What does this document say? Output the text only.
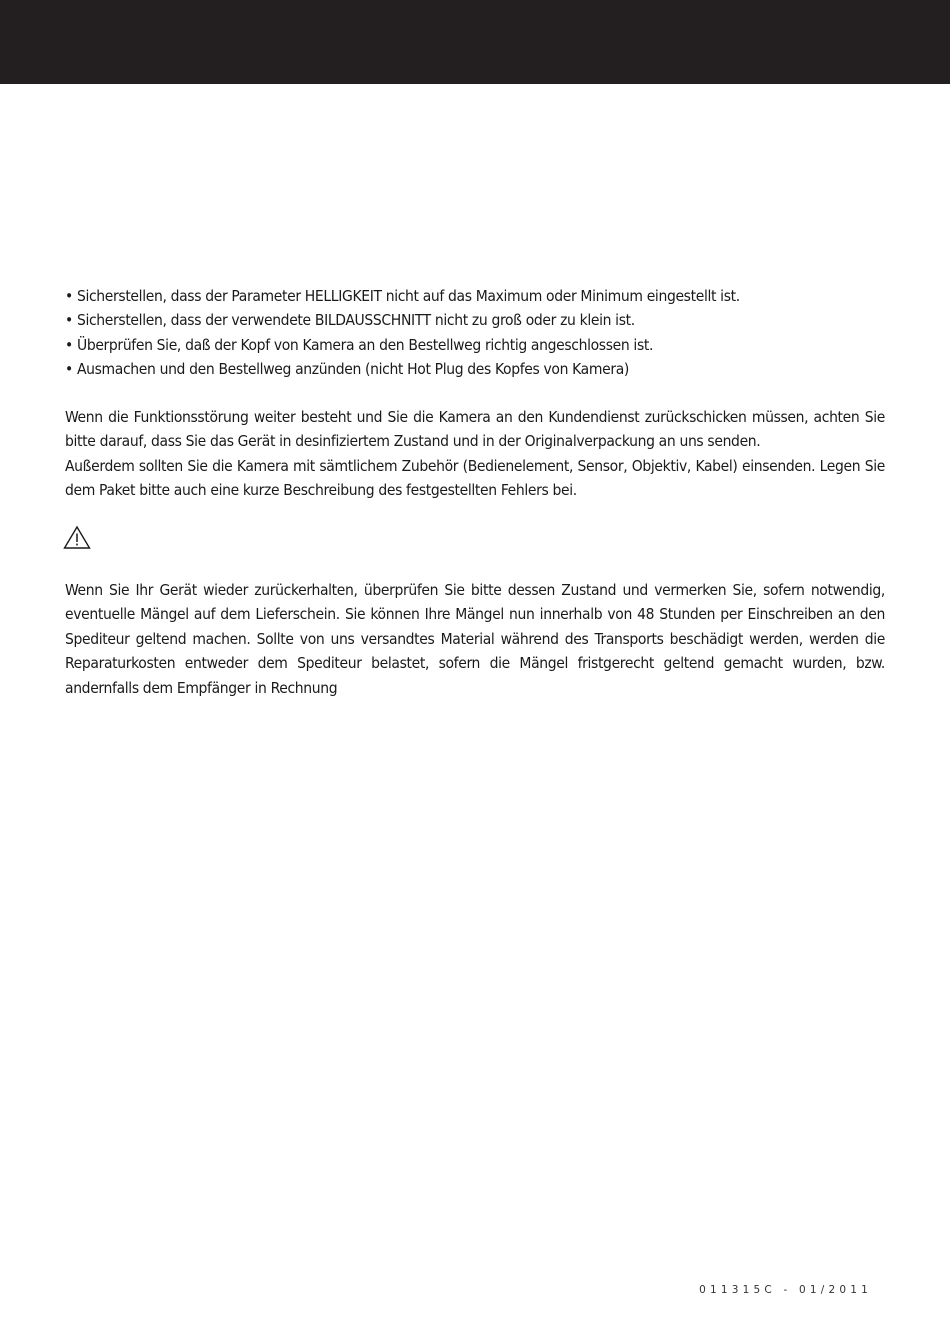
• Sicherstellen, dass der Parameter HELLIGKEIT nicht auf das Maximum oder Minimum eingestellt ist.

• Sicherstellen, dass der verwendete BILDAUSSCHNITT nicht zu groß oder zu klein ist.

• Überprüfen Sie, daß der Kopf von Kamera an den Bestellweg richtig angeschlossen ist.

• Ausmachen und den Bestellweg anzünden (nicht Hot Plug des Kopfes von Kamera)

Wenn die Funktionsstörung weiter besteht und Sie die Kamera an den Kundendienst zurückschicken müssen, achten Sie bitte darauf, dass Sie das Gerät in desinfiziertem Zustand und in der Originalverpackung an uns senden.

Außerdem sollten Sie die Kamera mit sämtlichem Zubehör (Bedienelement, Sensor, Objektiv, Kabel) einsenden. Legen Sie dem Paket bitte auch eine kurze Beschreibung des festgestellten Fehlers bei.

Wenn Sie Ihr Gerät wieder zurückerhalten, überprüfen Sie bitte dessen Zustand und vermerken Sie, sofern notwendig, eventuelle Mängel auf dem Lieferschein. Sie können Ihre Mängel nun innerhalb von 48 Stunden per Einschreiben an den Spediteur geltend machen. Sollte von uns versandtes Material während des Transports beschädigt werden, werden die Reparaturkosten entweder dem Spediteur belastet, sofern die Mängel fristgerecht geltend gemacht wurden, bzw. andernfalls dem Empfänger in Rechnung

011315C - 01/2011
